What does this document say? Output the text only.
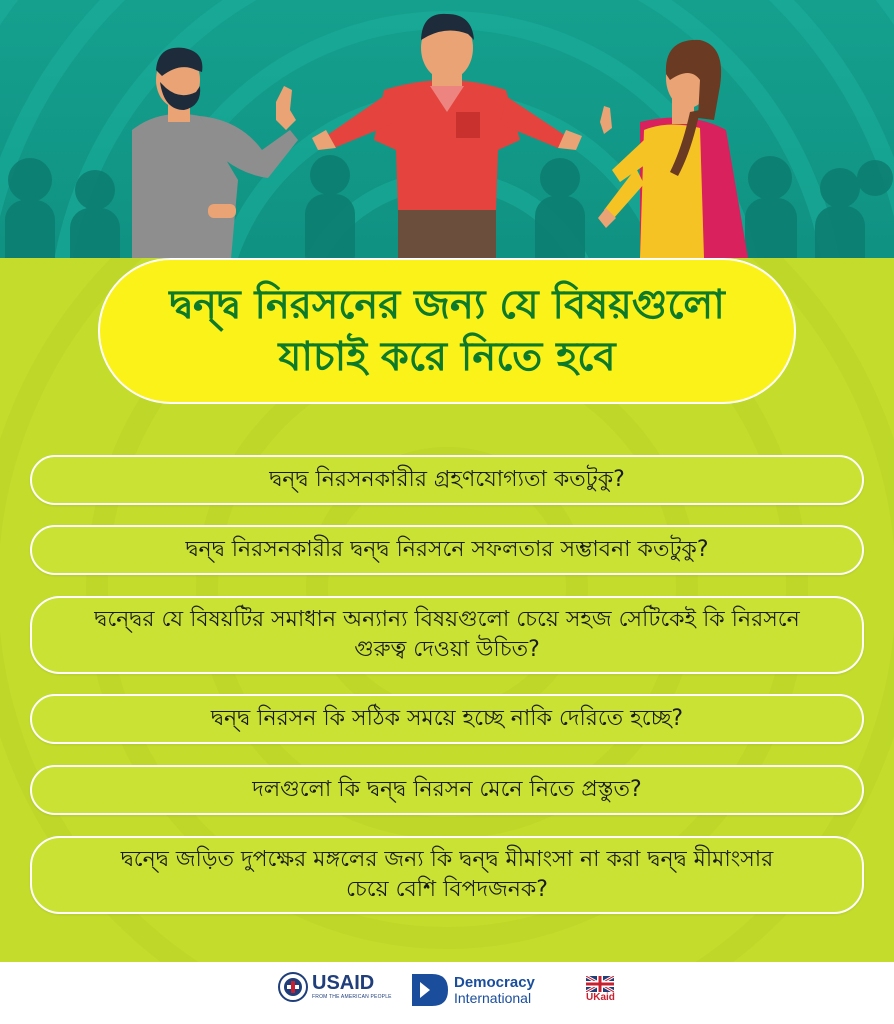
দ্বন্দ্ব নিরসনের জন্য যে বিষয়গুলো
যাচাই করে নিতে হবে
দ্বন্দ্ব নিরসনকারীর গ্রহণযোগ্যতা কতটুকু?
দ্বন্দ্ব নিরসনকারীর দ্বন্দ্ব নিরসনে সফলতার সম্ভাবনা কতটুকু?
দ্বন্দ্বের যে বিষয়টির সমাধান অন্যান্য বিষয়গুলো চেয়ে সহজ সেটিকেই কি নিরসনে
গুরুত্ব দেওয়া উচিত?
দ্বন্দ্ব নিরসন কি সঠিক সময়ে হচ্ছে নাকি দেরিতে হচ্ছে?
দলগুলো কি দ্বন্দ্ব নিরসন মেনে নিতে প্রস্তুত?
দ্বন্দ্বে জড়িত দুপক্ষের মঙ্গলের জন্য কি দ্বন্দ্ব মীমাংসা না করা দ্বন্দ্ব মীমাংসার
চেয়ে বেশি বিপদজনক?
USAID
FROM THE AMERICAN PEOPLE
Democracy
International	UKaid
